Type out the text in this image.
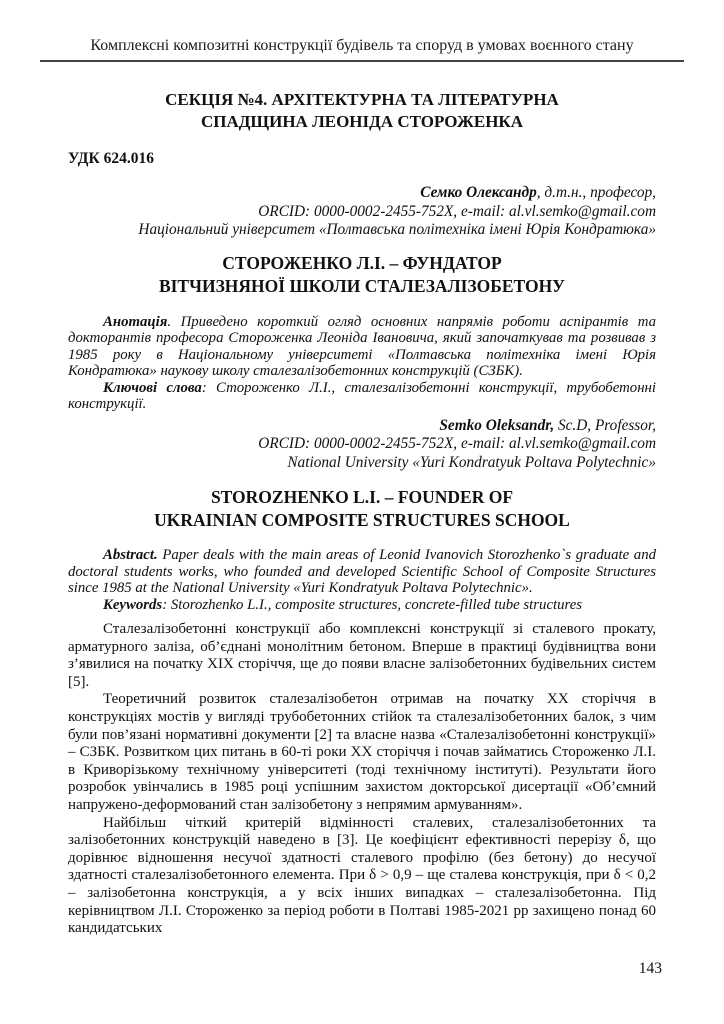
Комплексні композитні конструкції будівель та споруд в умовах воєнного стану
СЕКЦІЯ №4. АРХІТЕКТУРНА ТА ЛІТЕРАТУРНА
СПАДЩИНА ЛЕОНІДА СТОРОЖЕНКА
УДК 624.016
Семко Олександр, д.т.н., професор,
ORCID: 0000-0002-2455-752X, e-mail: al.vl.semko@gmail.com
Національний університет «Полтавська політехніка імені Юрія Кондратюка»
СТОРОЖЕНКО Л.І. – ФУНДАТОР
ВІТЧИЗНЯНОЇ ШКОЛИ СТАЛЕЗАЛІЗОБЕТОНУ

Анотація. Приведено короткий огляд основних напрямів роботи аспірантів та докторантів професора Стороженка Леоніда Івановича, який започаткував та розвивав з 1985 року в Національному університеті «Полтавська політехніка імені Юрія Кондратюка» наукову школу сталезалізобетонних конструкцій (СЗБК).

Ключові слова: Стороженко Л.І., сталезалізобетонні конструкції, трубобетонні конструкції.

Semko Oleksandr, Sc.D, Professor,
ORCID: 0000-0002-2455-752X, e-mail: al.vl.semko@gmail.com
National University «Yuri Kondratyuk Poltava Polytechnic»
STOROZHENKO L.I. – FOUNDER OF
UKRAINIAN COMPOSITE STRUCTURES SCHOOL

Abstract. Paper deals with the main areas of Leonid Ivanovich Storozhenko`s graduate and doctoral students works, who founded and developed Scientific School of Composite Structures since 1985 at the National University «Yuri Kondratyuk Poltava Polytechnic».

Keywords: Storozhenko L.I., composite structures, concrete-filled tube structures

Сталезалізобетонні конструкції або комплексні конструкції зі сталевого прокату, арматурного заліза, об’єднані монолітним бетоном. Вперше в практиці будівництва вони з’явилися на початку XIX сторіччя, ще до появи власне залізобетонних будівельних систем [5].

Теоретичний розвиток сталезалізобетон отримав на початку XX сторіччя в конструкціях мостів у вигляді трубобетонних стійок та сталезалізобетонних балок, з чим були пов’язані нормативні документи [2] та власне назва «Сталезалізобетонні конструкції» – СЗБК. Розвитком цих питань в 60-ті роки XX сторіччя і почав займатись Стороженко Л.І. в Криворізькому технічному університеті (тоді технічному інституті). Результати його розробок увінчались в 1985 році успішним захистом докторської дисертації «Об’ємний напружено-деформований стан залізобетону з непрямим армуванням».

Найбільш чіткий критерій відмінності сталевих, сталезалізобетонних та залізобетонних конструкцій наведено в [3]. Це коефіцієнт ефективності перерізу δ, що дорівнює відношення несучої здатності сталевого профілю (без бетону) до несучої здатності сталезалізобетонного елемента. При δ > 0,9 – ще сталева конструкція, при δ < 0,2 – залізобетонна конструкція, а у всіх інших випадках – сталезалізобетонна. Під керівництвом Л.І. Стороженко за період роботи в Полтаві 1985-2021 рр захищено понад 60 кандидатських

143
